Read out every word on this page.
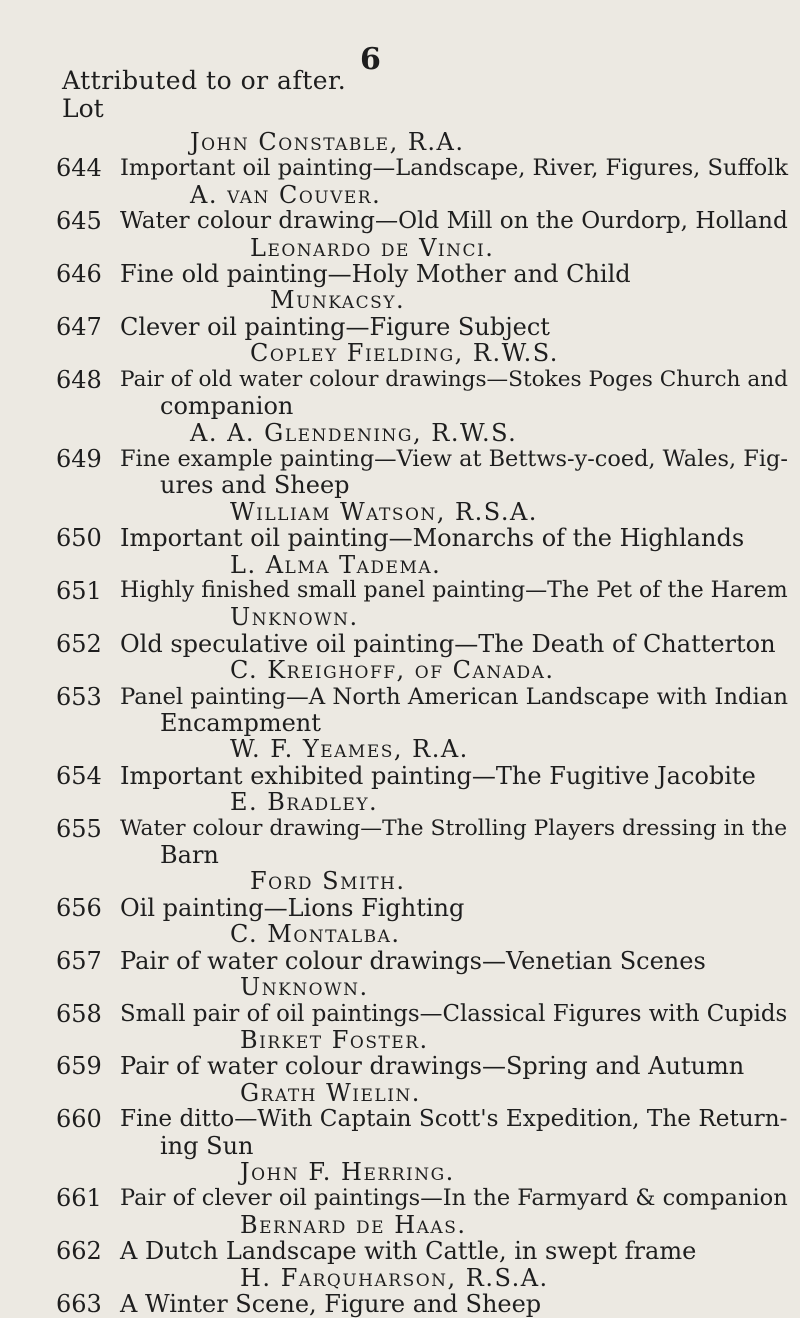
6
Attributed to or after.
Lot
John Constable, R.A.
644 Important oil painting—Landscape, River, Figures, Suffolk
A. van Couver.
645 Water colour drawing—Old Mill on the Ourdorp, Holland
Leonardo de Vinci.
646 Fine old painting—Holy Mother and Child
Munkacsy.
647 Clever oil painting—Figure Subject
Copley Fielding, R.W.S.
648 Pair of old water colour drawings—Stokes Poges Church and
companion
A. A. Glendening, R.W.S.
649 Fine example painting—View at Bettws-y-coed, Wales, Fig-
ures and Sheep
William Watson, R.S.A.
650 Important oil painting—Monarchs of the Highlands
L. Alma Tadema.
651 Highly finished small panel painting—The Pet of the Harem
Unknown.
652 Old speculative oil painting—The Death of Chatterton
C. Kreighoff, of Canada.
653 Panel painting—A North American Landscape with Indian
Encampment
W. F. Yeames, R.A.
654 Important exhibited painting—The Fugitive Jacobite
E. Bradley.
655 Water colour drawing—The Strolling Players dressing in the
Barn
Ford Smith.
656 Oil painting—Lions Fighting
C. Montalba.
657 Pair of water colour drawings—Venetian Scenes
Unknown.
658 Small pair of oil paintings—Classical Figures with Cupids
Birket Foster.
659 Pair of water colour drawings—Spring and Autumn
Grath Wielin.
660 Fine ditto—With Captain Scott's Expedition, The Return-
ing Sun
John F. Herring.
661 Pair of clever oil paintings—In the Farmyard & companion
Bernard de Haas.
662 A Dutch Landscape with Cattle, in swept frame
H. Farquharson, R.S.A.
663 A Winter Scene, Figure and Sheep
